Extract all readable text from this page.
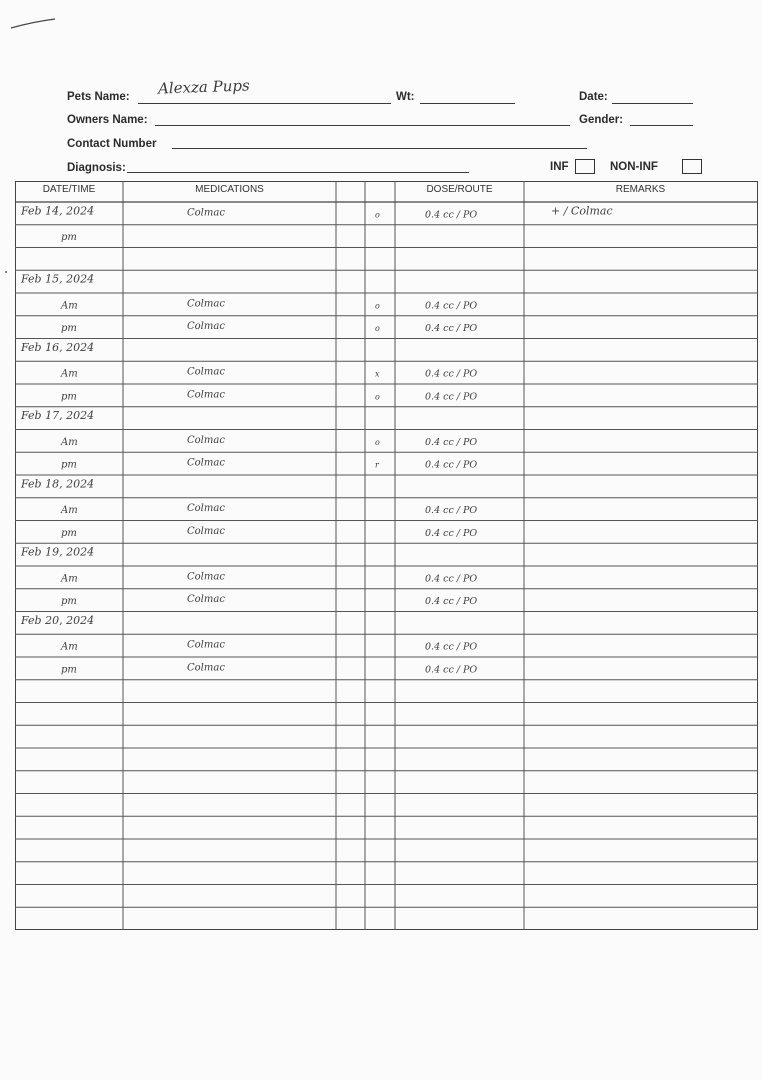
Pets Name: Alexza Pups	Wt:	Date:
Owners Name:	Gender:
Contact Number
Diagnosis:	INF	NON-INF
DATE/TIME	MEDICATIONS	DOSE/ROUTE	REMARKS
Feb 14, 2024	Colmac	o	0.4 cc / PO	+ / Colmac
pm
Feb 15, 2024
Am	Colmac	o	0.4 cc / PO
pm	Colmac	o	0.4 cc / PO
Feb 16, 2024
Am	Colmac	x	0.4 cc / PO
pm	Colmac	o	0.4 cc / PO
Feb 17, 2024
Am	Colmac	o	0.4 cc / PO
pm	Colmac	r	0.4 cc / PO
Feb 18, 2024
Am	Colmac	0.4 cc / PO
pm	Colmac	0.4 cc / PO
Feb 19, 2024
Am	Colmac	0.4 cc / PO
pm	Colmac	0.4 cc / PO
Feb 20, 2024
Am	Colmac	0.4 cc / PO
pm	Colmac	0.4 cc / PO
